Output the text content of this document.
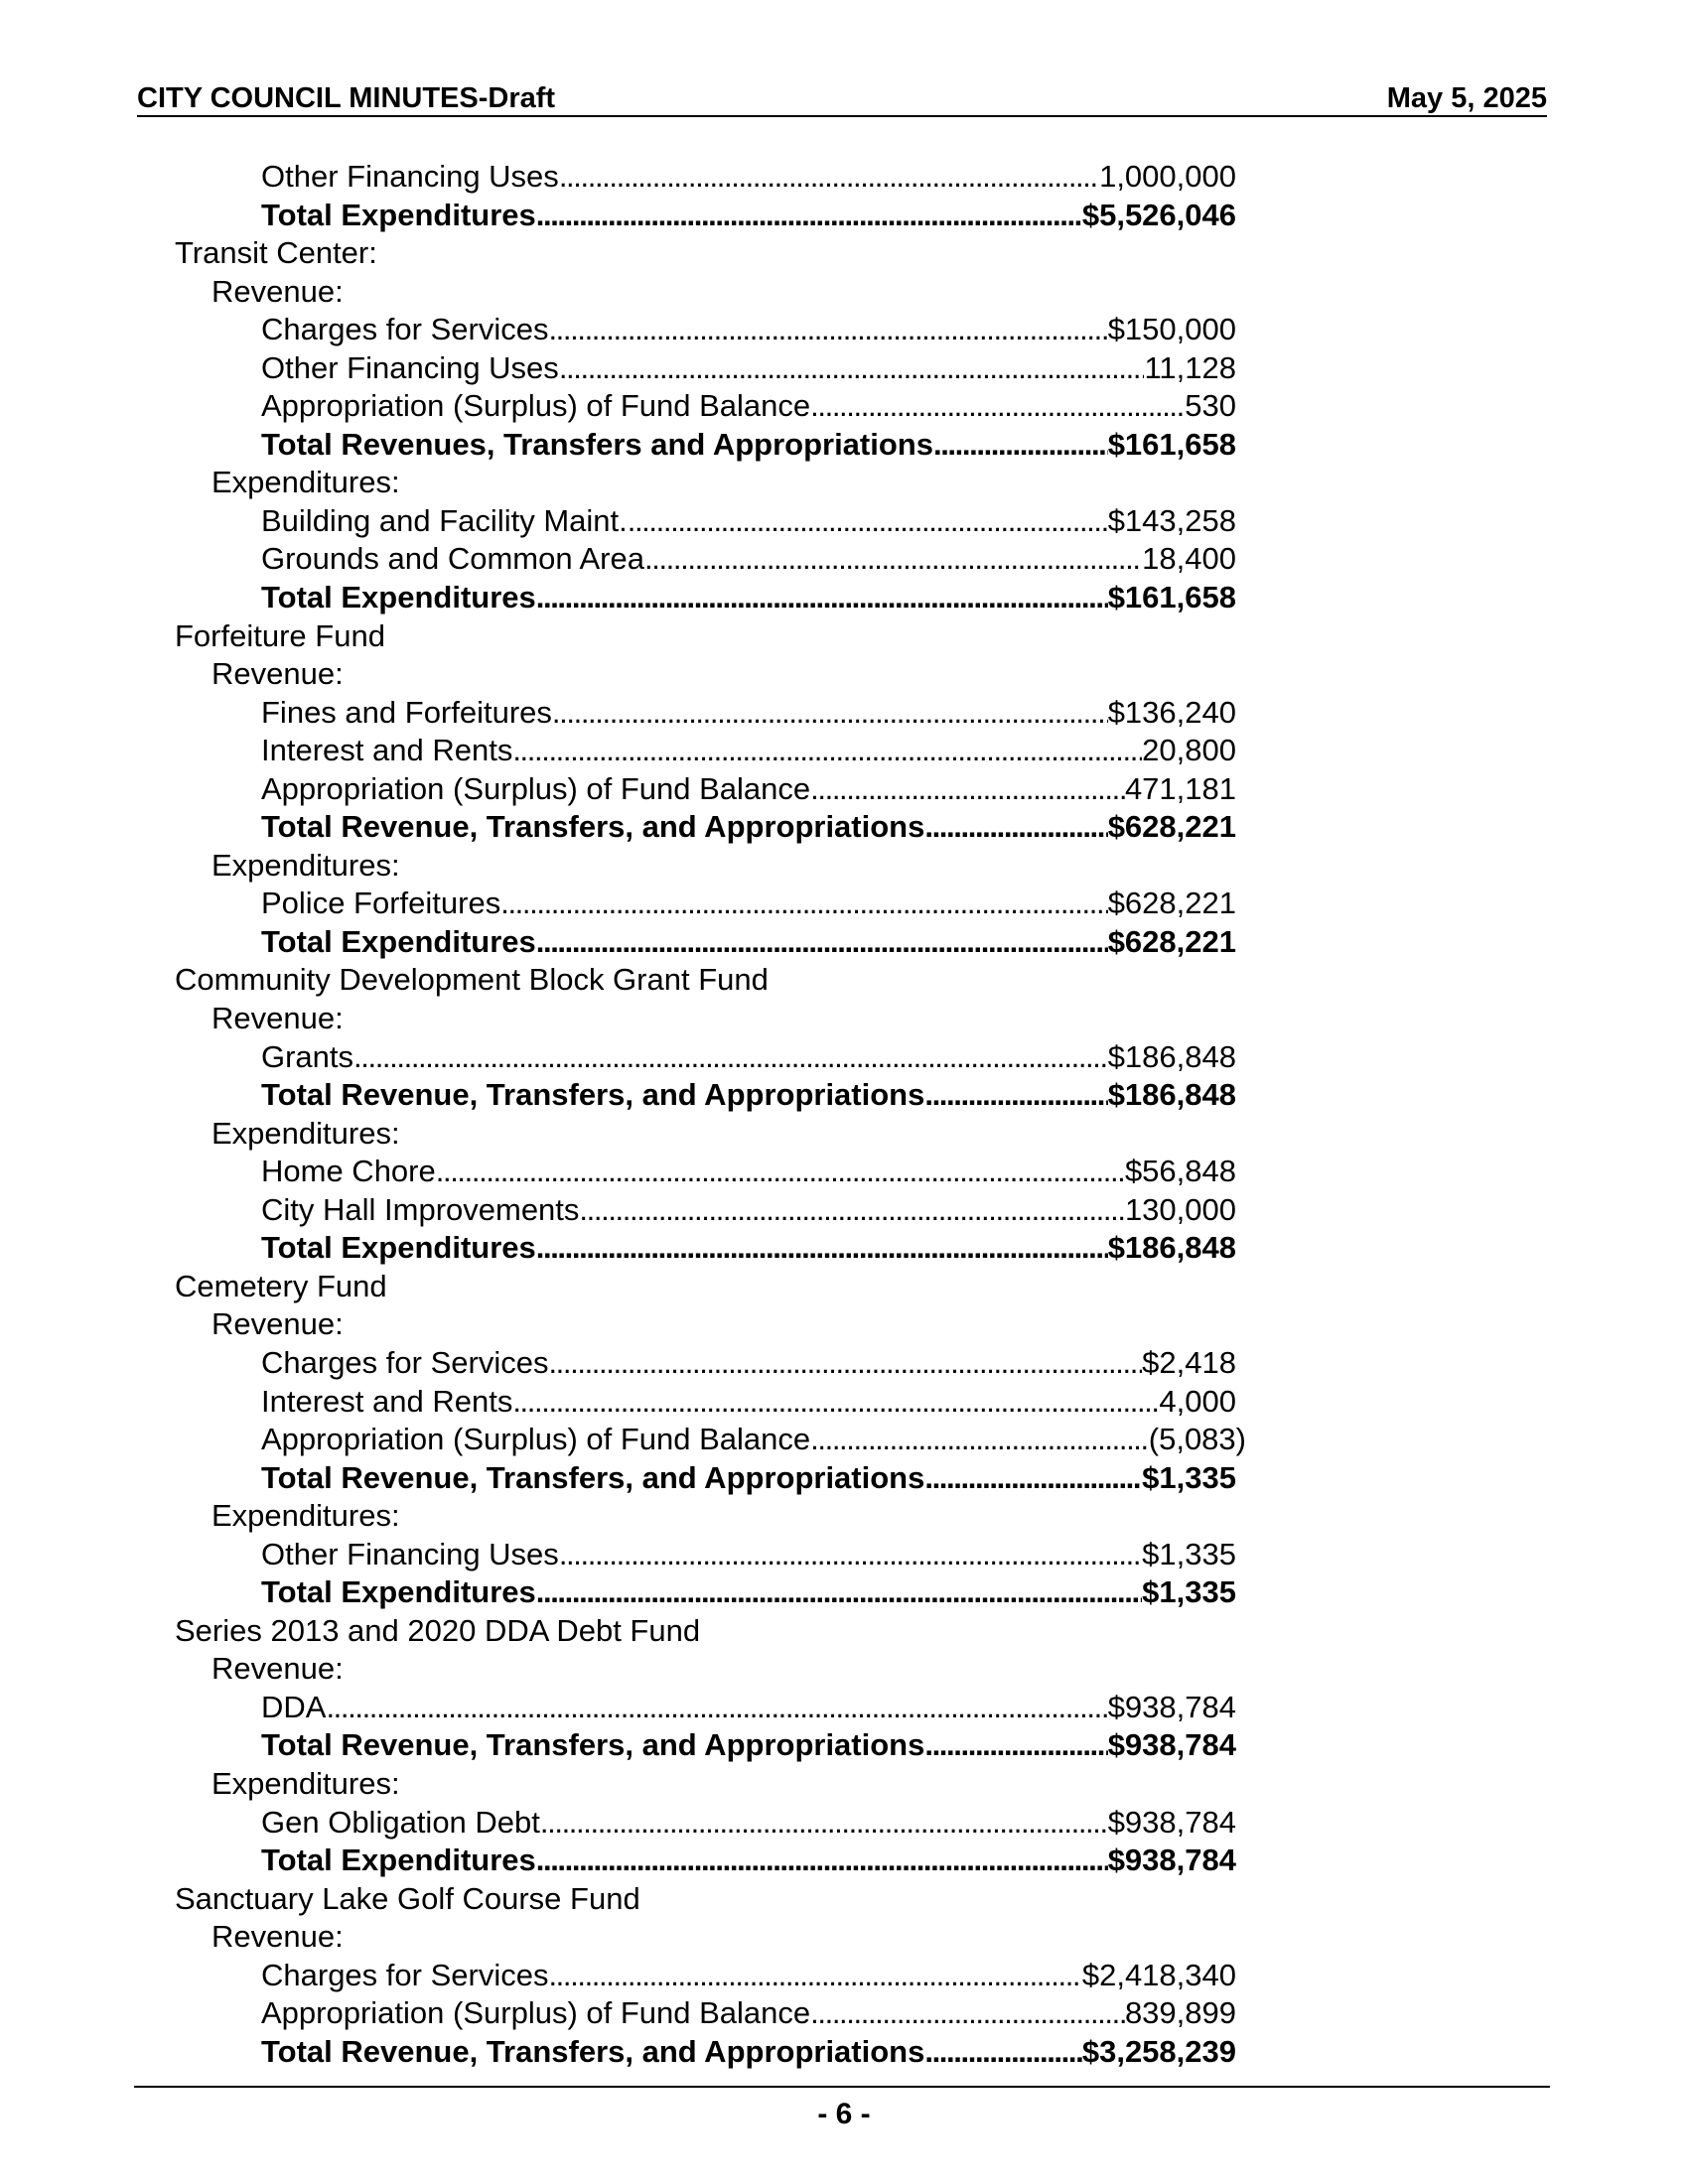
CITY COUNCIL MINUTES-Draft	May 5, 2025
Other Financing Uses . . .	1,000,000
Total Expenditures . . .	$5,526,046
Transit Center:
Revenue:
Charges for Services . . .	$150,000
Other Financing Uses . . .	11,128
Appropriation (Surplus) of Fund Balance . . .	530
Total Revenues, Transfers and Appropriations . . .	$161,658
Expenditures:
Building and Facility Maint. . . .	$143,258
Grounds and Common Area . . .	18,400
Total Expenditures . . .	$161,658
Forfeiture Fund
Revenue:
Fines and Forfeitures . . .	$136,240
Interest and Rents . . .	20,800
Appropriation (Surplus) of Fund Balance . . .	471,181
Total Revenue, Transfers, and Appropriations . . .	$628,221
Expenditures:
Police Forfeitures . . .	$628,221
Total Expenditures . . .	$628,221
Community Development Block Grant Fund
Revenue:
Grants . . .	$186,848
Total Revenue, Transfers, and Appropriations . . .	$186,848
Expenditures:
Home Chore . . .	$56,848
City Hall Improvements . . .	130,000
Total Expenditures . . .	$186,848
Cemetery Fund
Revenue:
Charges for Services . . .	$2,418
Interest and Rents . . .	4,000
Appropriation (Surplus) of Fund Balance . . .	(5,083)
Total Revenue, Transfers, and Appropriations . . .	$1,335
Expenditures:
Other Financing Uses . . .	$1,335
Total Expenditures . . .	$1,335
Series 2013 and 2020 DDA Debt Fund
Revenue:
DDA . . .	$938,784
Total Revenue, Transfers, and Appropriations . . .	$938,784
Expenditures:
Gen Obligation Debt . . .	$938,784
Total Expenditures . . .	$938,784
Sanctuary Lake Golf Course Fund
Revenue:
Charges for Services . . .	$2,418,340
Appropriation (Surplus) of Fund Balance . . .	839,899
Total Revenue, Transfers, and Appropriations . . .	$3,258,239
- 6 -
